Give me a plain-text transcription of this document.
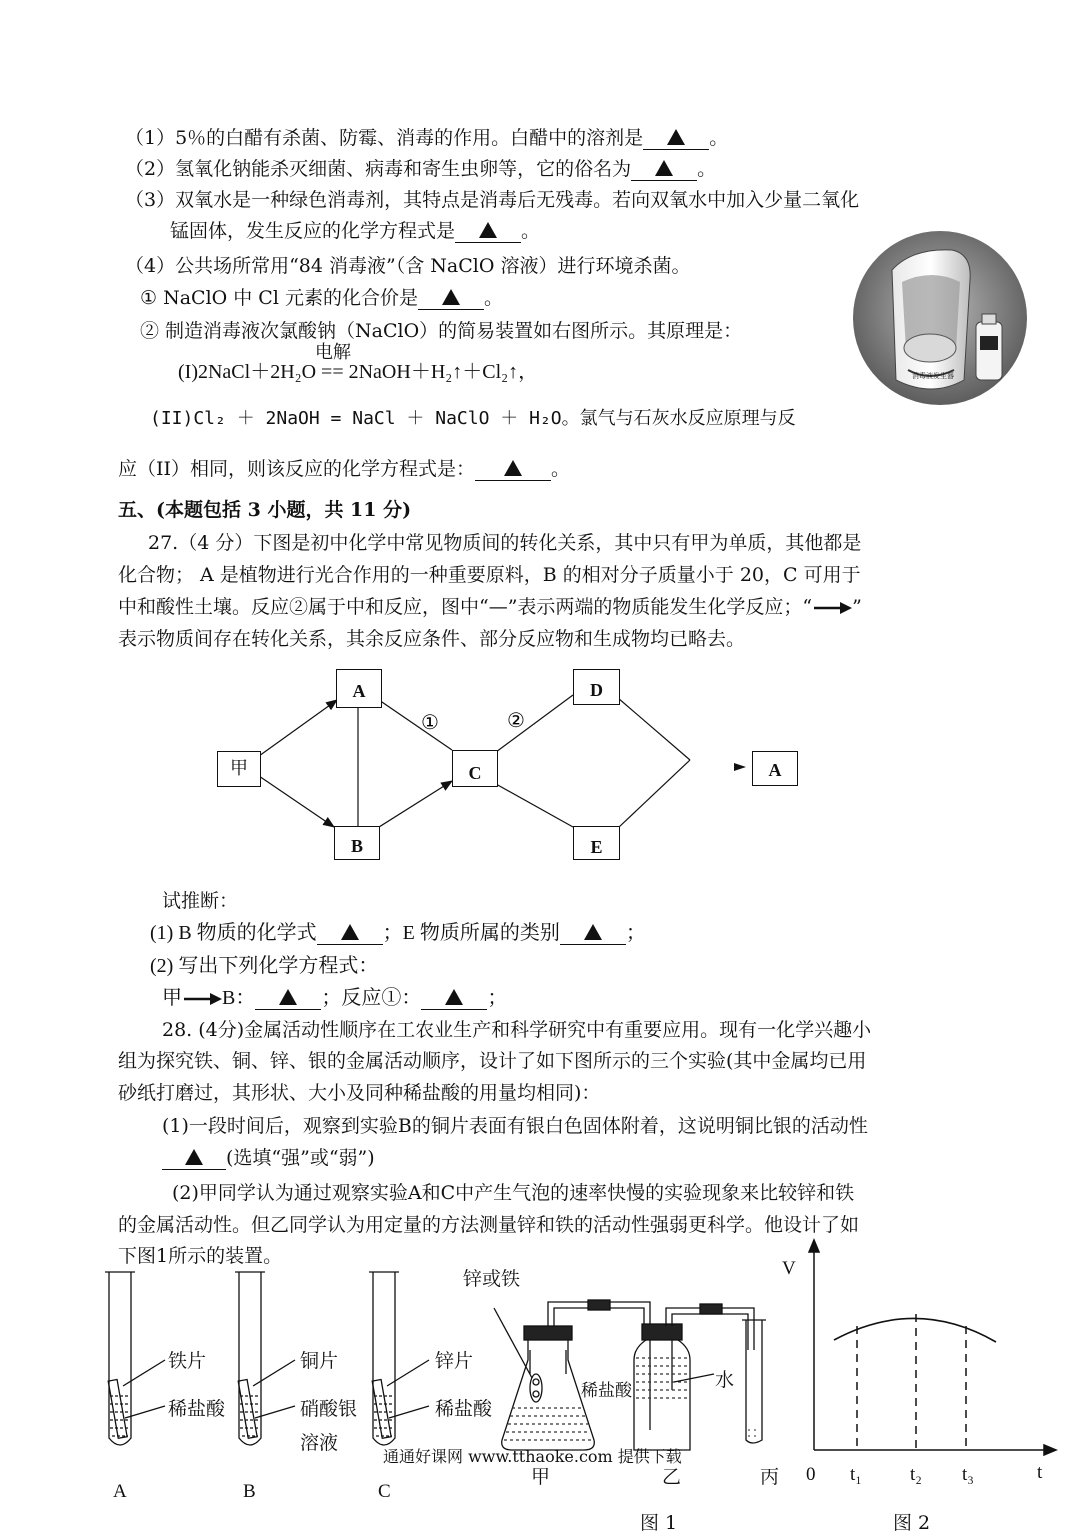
（1）5％的白醋有杀菌、防霉、消毒的作用。白醋中的溶剂是	。
（2）氢氧化钠能杀灭细菌、病毒和寄生虫卵等，它的俗名为	。
（3）双氧水是一种绿色消毒剂，其特点是消毒后无残毒。若向双氧水中加入少量二氧化
锰固体，发生反应的化学方程式是	。
（4）公共场所常用“84 消毒液”（含 NaClO 溶液）进行环境杀菌。
① NaClO 中 Cl 元素的化合价是	。
② 制造消毒液次氯酸钠（NaClO）的简易装置如右图所示。其原理是：
电解
(I)2NaCl＋2H₂O == 2NaOH＋H₂↑＋Cl₂↑，
(II)Cl₂ ＋ 2NaOH = NaCl ＋ NaClO ＋ H₂O。氯气与石灰水反应原理与反
应（II）相同，则该反应的化学方程式是：	。
消毒液发生器
五、(本题包括 3 小题，共 11 分)
27.（4 分）下图是初中化学中常见物质间的转化关系，其中只有甲为单质，其他都是
化合物； A 是植物进行光合作用的一种重要原料，B 的相对分子质量小于 20，C 可用于
中和酸性土壤。反应②属于中和反应，图中“—”表示两端的物质能发生化学反应；“ ”
表示物质间存在转化关系，其余反应条件、部分反应物和生成物均已略去。
①	②
甲
A
B
C
D
E
A
试推断：
(1) B 物质的化学式	；E 物质所属的类别	；
(2) 写出下列化学方程式：
甲 B：	；反应①：	；
28. (4分)金属活动性顺序在工农业生产和科学研究中有重要应用。现有一化学兴趣小
组为探究铁、铜、锌、银的金属活动顺序，设计了如下图所示的三个实验(其中金属均已用
砂纸打磨过，其形状、大小及同种稀盐酸的用量均相同)：
(1)一段时间后，观察到实验B的铜片表面有银白色固体附着，这说明铜比银的活动性
(选填“强”或“弱”)
(2)甲同学认为通过观察实验A和C中产生气泡的速率快慢的实验现象来比较锌和铁
的金属活动性。但乙同学认为用定量的方法测量锌和铁的活动性强弱更科学。他设计了如
下图1所示的装置。
铁片
稀盐酸
A
铜片
硝酸银
溶液
B
锌片
稀盐酸
C
锌或铁
稀盐酸	水
通通好课网 www.tthaoke.com 提供下载
甲	乙	丙
图 1
V
0 t₁	t₂ t₃	t
图 2
